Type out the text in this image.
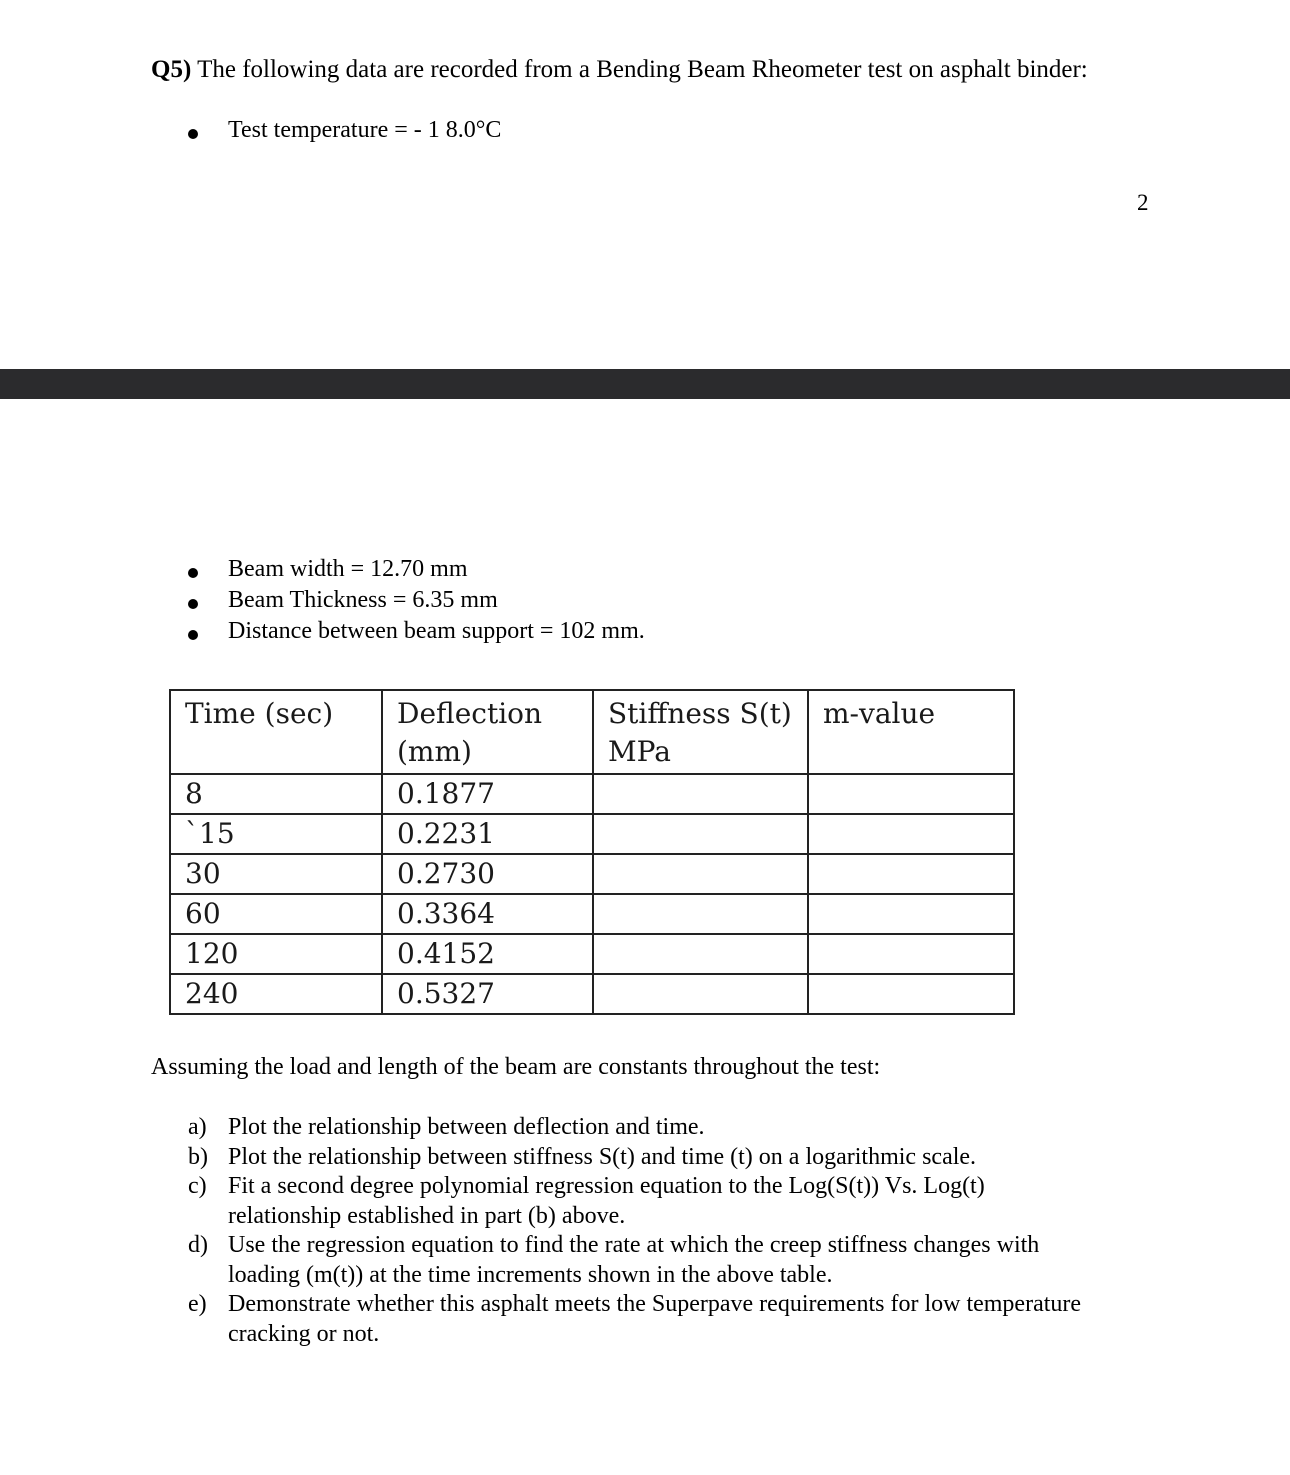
Q5) The following data are recorded from a Bending Beam Rheometer test on asphalt binder:
Test temperature = - 1 8.0°C
2
Beam width = 12.70 mm
Beam Thickness = 6.35 mm
Distance between beam support = 102 mm.
Time (sec)	Deflection (mm)	Stiffness S(t) MPa	m-value
8	0.1877		
`15	0.2231		
30	0.2730		
60	0.3364		
120	0.4152		
240	0.5327		
Assuming the load and length of the beam are constants throughout the test:
a) Plot the relationship between deflection and time.
b) Plot the relationship between stiffness S(t) and time (t) on a logarithmic scale.
c) Fit a second degree polynomial regression equation to the Log(S(t)) Vs. Log(t) relationship established in part (b) above.
d) Use the regression equation to find the rate at which the creep stiffness changes with loading (m(t)) at the time increments shown in the above table.
e) Demonstrate whether this asphalt meets the Superpave requirements for low temperature cracking or not.
